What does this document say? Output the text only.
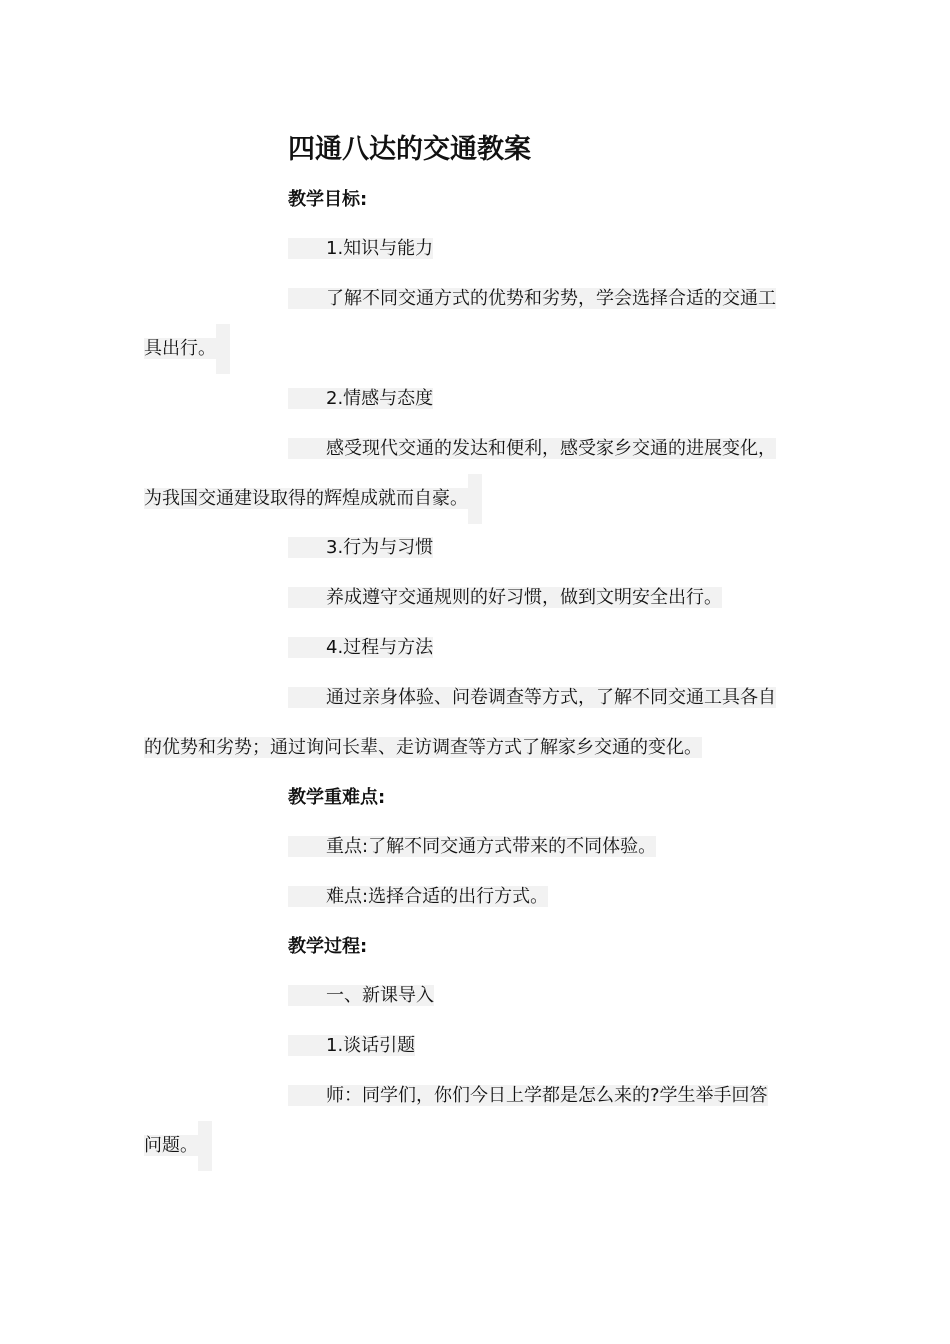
四通八达的交通教案
教学目标:
1.知识与能力
了解不同交通方式的优势和劣势，学会选择合适的交通工
具出行。
2.情感与态度
感受现代交通的发达和便利，感受家乡交通的进展变化，
为我国交通建设取得的辉煌成就而自豪。
3.行为与习惯
养成遵守交通规则的好习惯，做到文明安全出行。
4.过程与方法
通过亲身体验、问卷调查等方式，了解不同交通工具各自
的优势和劣势；通过询问长辈、走访调查等方式了解家乡交通的变化。
教学重难点:
重点:了解不同交通方式带来的不同体验。
难点:选择合适的出行方式。
教学过程:
一、新课导入
1.谈话引题
师：同学们，你们今日上学都是怎么来的?学生举手回答
问题。
